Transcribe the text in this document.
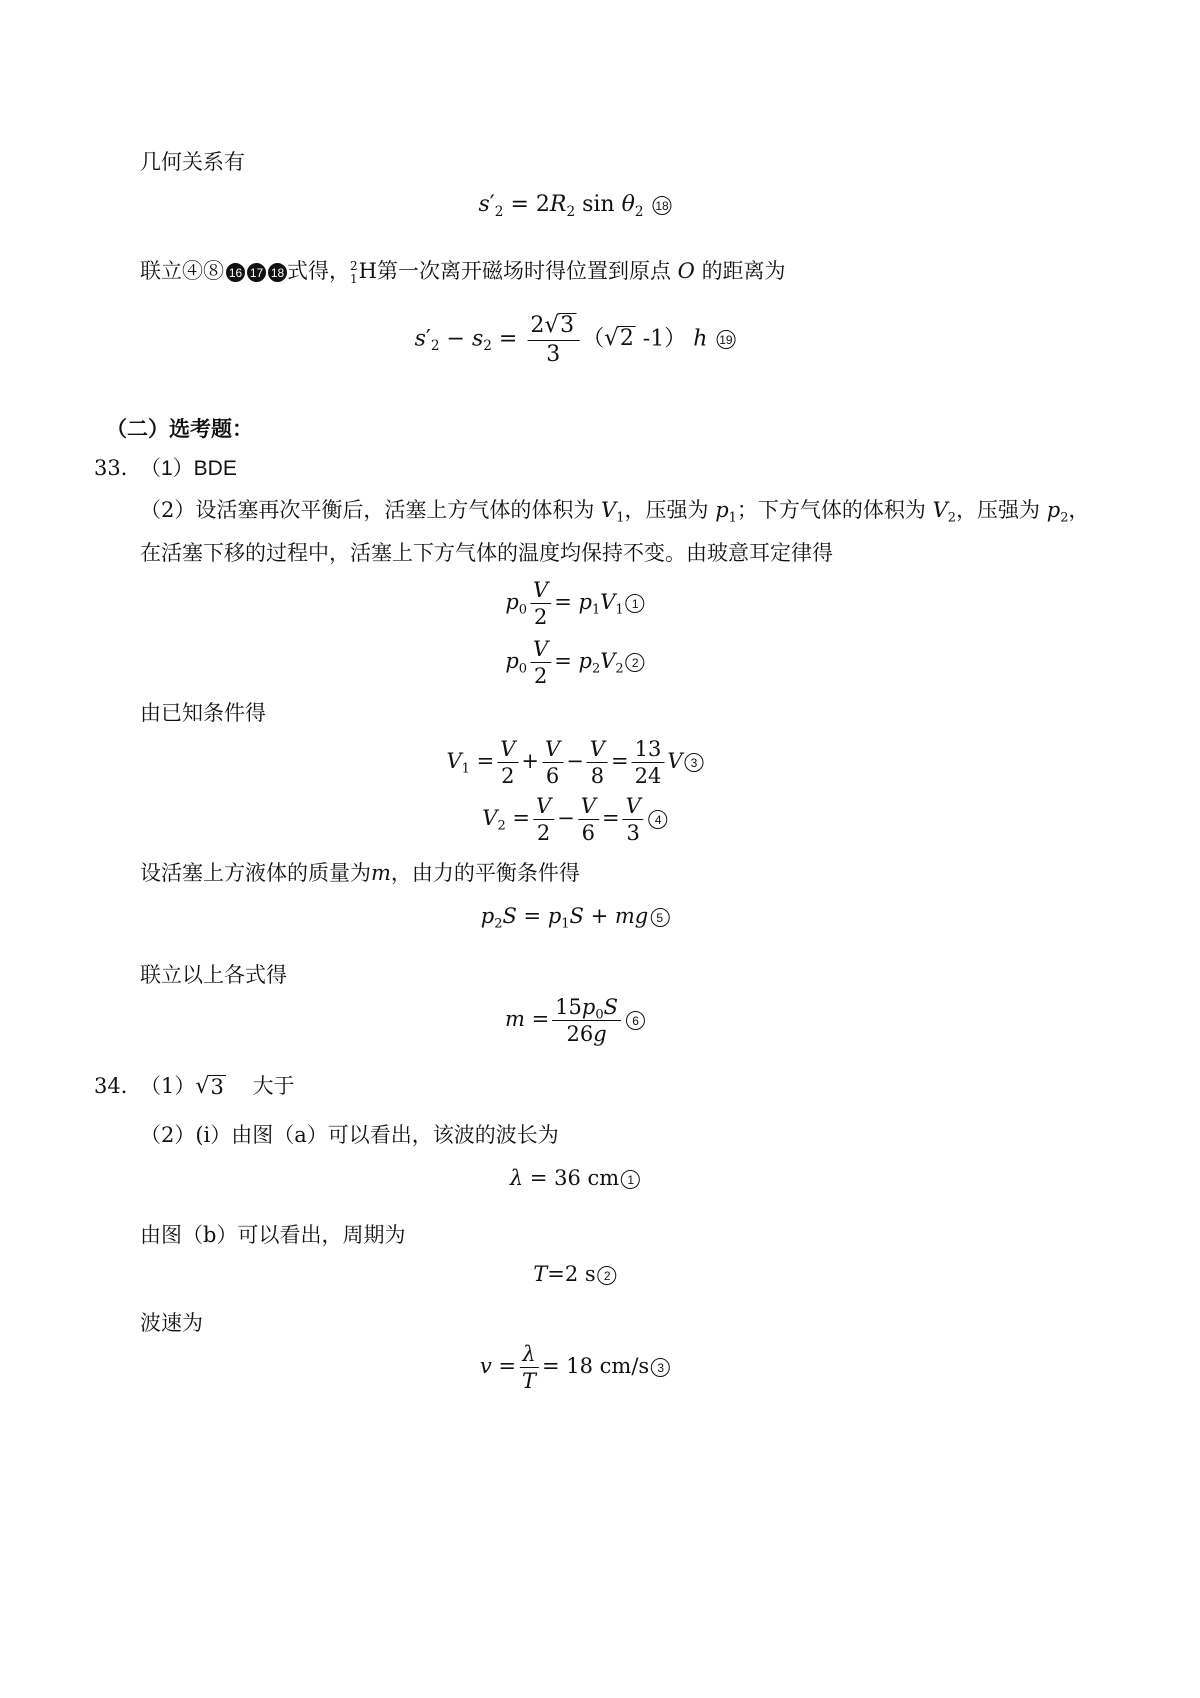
几何关系有
$s'_2 = 2R_2$ $\sin \theta_2$ 18
联立④⑧ 16 17 18 式得， 2
1 H第一次离开磁场时得位置到原点 O 的距离为
$s'_2 - s_2 = \frac{2 √ 3}{3}$ （ √ 2 -1） h 19
（二）选考题：
33．
（1）BDE
（2）设活塞再次平衡后，活塞上方气体的体积为 $V_1$，压强为 $p_1$；下方气体的体积为 $V_2$，压强为 $p_2$，
在活塞下移的过程中，活塞上下方气体的温度均保持不变。由玻意耳定律得
$p_0 \frac{V}{2} = p_1V_1$ 1
$p_0 \frac{V}{2} = p_2V_2$ 2
由已知条件得
$V_1 = \frac{V}{2} + \frac{V}{6} - \frac{V}{8} = \frac{13}{24}$ V 3
$V_2 = \frac{V}{2} - \frac{V}{6} = \frac{V}{3} 4$
设活塞上方液体的质量为m，由力的平衡条件得
$p_2S = p_1S$ + mg 5
联立以上各式得
$m = \frac{15p_0S}{26g} 6$
34．
（1） √ 3 大于
（2）(i）由图（a）可以看出，该波的波长为
λ = 36 cm 1
由图（b）可以看出，周期为
T=2 s 2
波速为
$v = \frac{\lambda}{T} = 18$ cm/s 3
